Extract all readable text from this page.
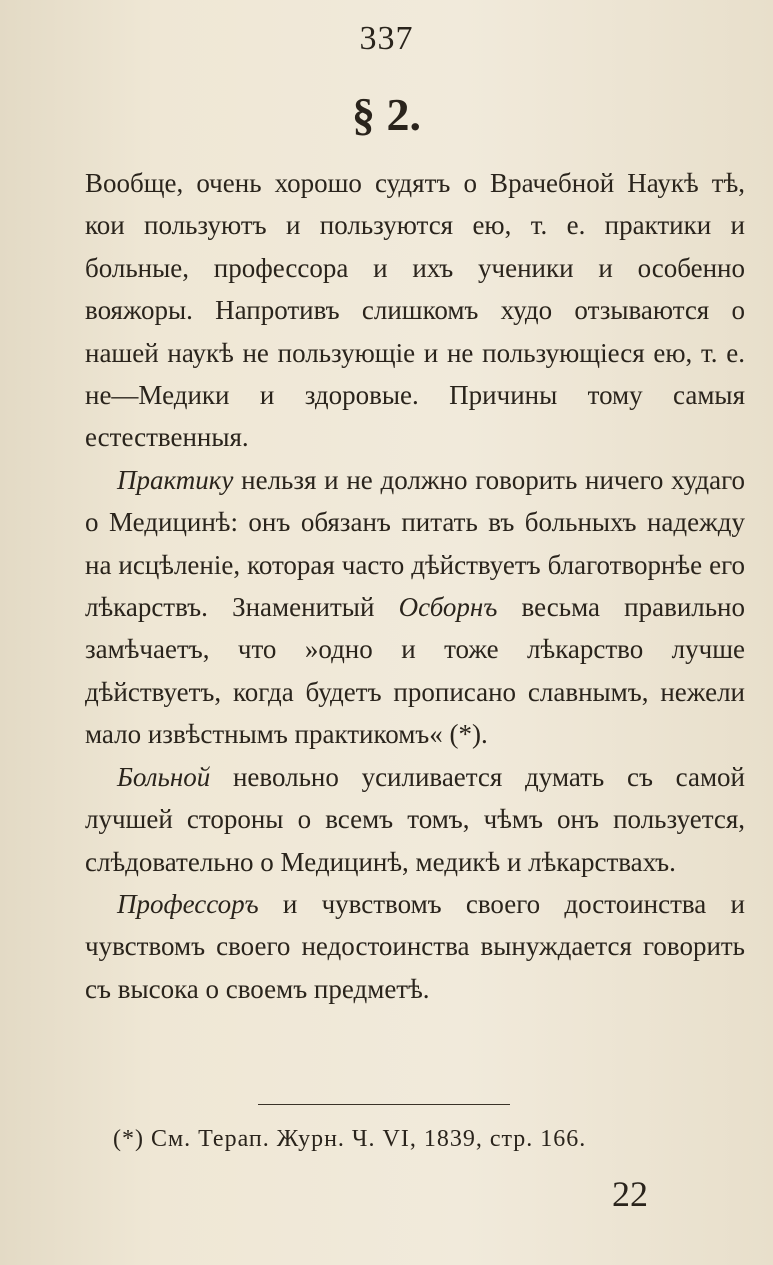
337
§ 2.

Вообще, очень хорошо судятъ о Врачебной Наукѣ тѣ, кои пользуютъ и пользуются ею, т. е. практики и больные, профессора и ихъ ученики и особенно вояжоры. Напротивъ слишкомъ худо отзываются о нашей наукѣ не пользующіе и не пользующіеся ею, т. е. не—Медики и здоровые. Причины тому самыя естественныя.

Практику нельзя и не должно говорить ничего худаго о Медицинѣ: онъ обязанъ питать въ больныхъ надежду на исцѣленіе, которая часто дѣйствуетъ благотворнѣе его лѣкарствъ. Знаменитый Осборнъ весьма правильно замѣчаетъ, что »одно и тоже лѣкарство лучше дѣйствуетъ, когда будетъ прописано славнымъ, нежели мало извѣстнымъ практикомъ« (*).

Больной невольно усиливается думать съ самой лучшей стороны о всемъ томъ, чѣмъ онъ пользуется, слѣдовательно о Медицинѣ, медикѣ и лѣкарствахъ.

Профессоръ и чувствомъ своего достоинства и чувствомъ своего недостоинства вынуждается говорить съ высока о своемъ предметѣ.

(*) См. Терап. Журн. Ч. VI, 1839, стр. 166.
22
